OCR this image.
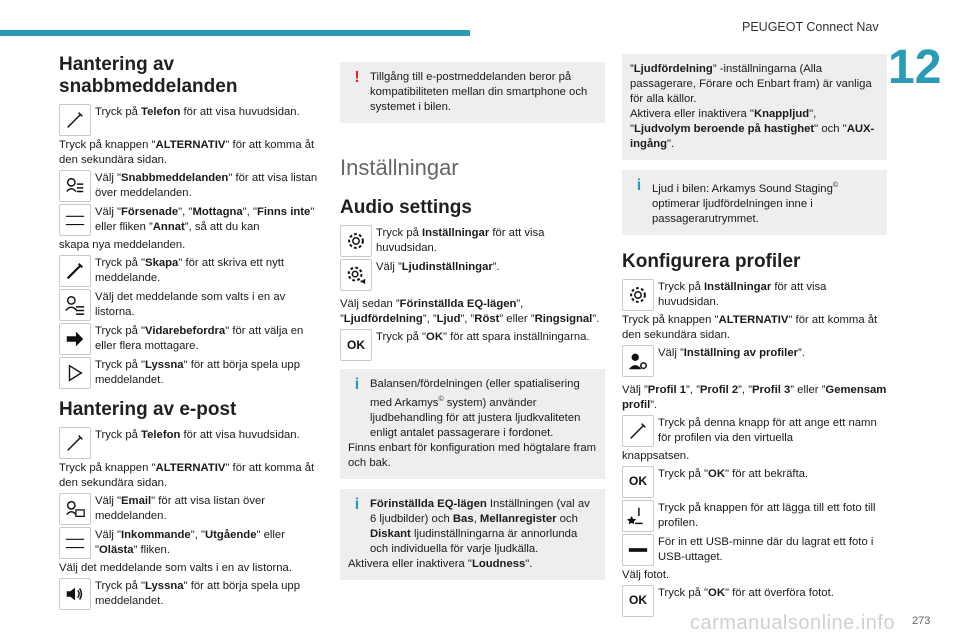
PEUGEOT Connect Nav
12
Hantering av snabbmeddelanden
Tryck på Telefon för att visa huvudsidan.

Tryck på knappen "ALTERNATIV" för att komma åt den sekundära sidan.

Välj "Snabbmeddelanden" för att visa listan över meddelanden.
Välj "Försenade", "Mottagna", "Finns inte" eller fliken ”Annat”, så att du kan

skapa nya meddelanden.

Tryck på "Skapa" för att skriva ett nytt meddelande.
Välj det meddelande som valts i en av listorna.
Tryck på "Vidarebefordra" för att välja en eller flera mottagare.
Tryck på "Lyssna" för att börja spela upp meddelandet.
Hantering av e-post
Tryck på Telefon för att visa huvudsidan.

Tryck på knappen "ALTERNATIV" för att komma åt den sekundära sidan.

Välj "Email" för att visa listan över meddelanden.
Välj "Inkommande", "Utgående" eller "Olästa” fliken.

Välj det meddelande som valts i en av listorna.

Tryck på "Lyssna" för att börja spela upp meddelandet.
! Tillgång till e-postmeddelanden beror på kompatibiliteten mellan din smartphone och systemet i bilen.
Inställningar
Audio settings
Tryck på Inställningar för att visa huvudsidan.
Välj ”Ljudinställningar”.

Välj sedan ”Förinställda EQ-lägen”, ”Ljudfördelning”, ”Ljud”, ”Röst” eller ”Ringsignal”.

OK
Tryck på "OK" för att spara inställningarna.
i Balansen/fördelningen (eller spatialisering med Arkamys© system) använder ljudbehandling för att justera ljudkvaliteten enligt antalet passagerare i fordonet.
Finns enbart för konfiguration med högtalare fram och bak.
i Förinställda EQ-lägen Inställningen (val av 6 ljudbilder) och Bas, Mellanregister och Diskant ljudinställningarna är annorlunda och individuella för varje ljudkälla.
Aktivera eller inaktivera "Loudness".
”Ljudfördelning” -inställningarna (Alla passagerare, Förare och Enbart fram) är vanliga för alla källor.
Aktivera eller inaktivera "Knappljud", "Ljudvolym beroende på hastighet" och "AUX-ingång".
i Ljud i bilen: Arkamys Sound Staging© optimerar ljudfördelningen inne i passagerarutrymmet.
Konfigurera profiler
Tryck på Inställningar för att visa huvudsidan.

Tryck på knappen "ALTERNATIV" för att komma åt den sekundära sidan.

Välj ”Inställning av profiler”.

Välj ”Profil 1”, ”Profil 2”, ”Profil 3” eller ”Gemensam profil”.

Tryck på denna knapp för att ange ett namn för profilen via den virtuella

knappsatsen.

OK
Tryck på "OK" för att bekräfta.
Tryck på knappen för att lägga till ett foto till profilen.
För in ett USB-minne där du lagrat ett foto i USB-uttaget.

Välj fotot.

OK
Tryck på "OK" för att överföra fotot.
carmanualsonline.info 273
